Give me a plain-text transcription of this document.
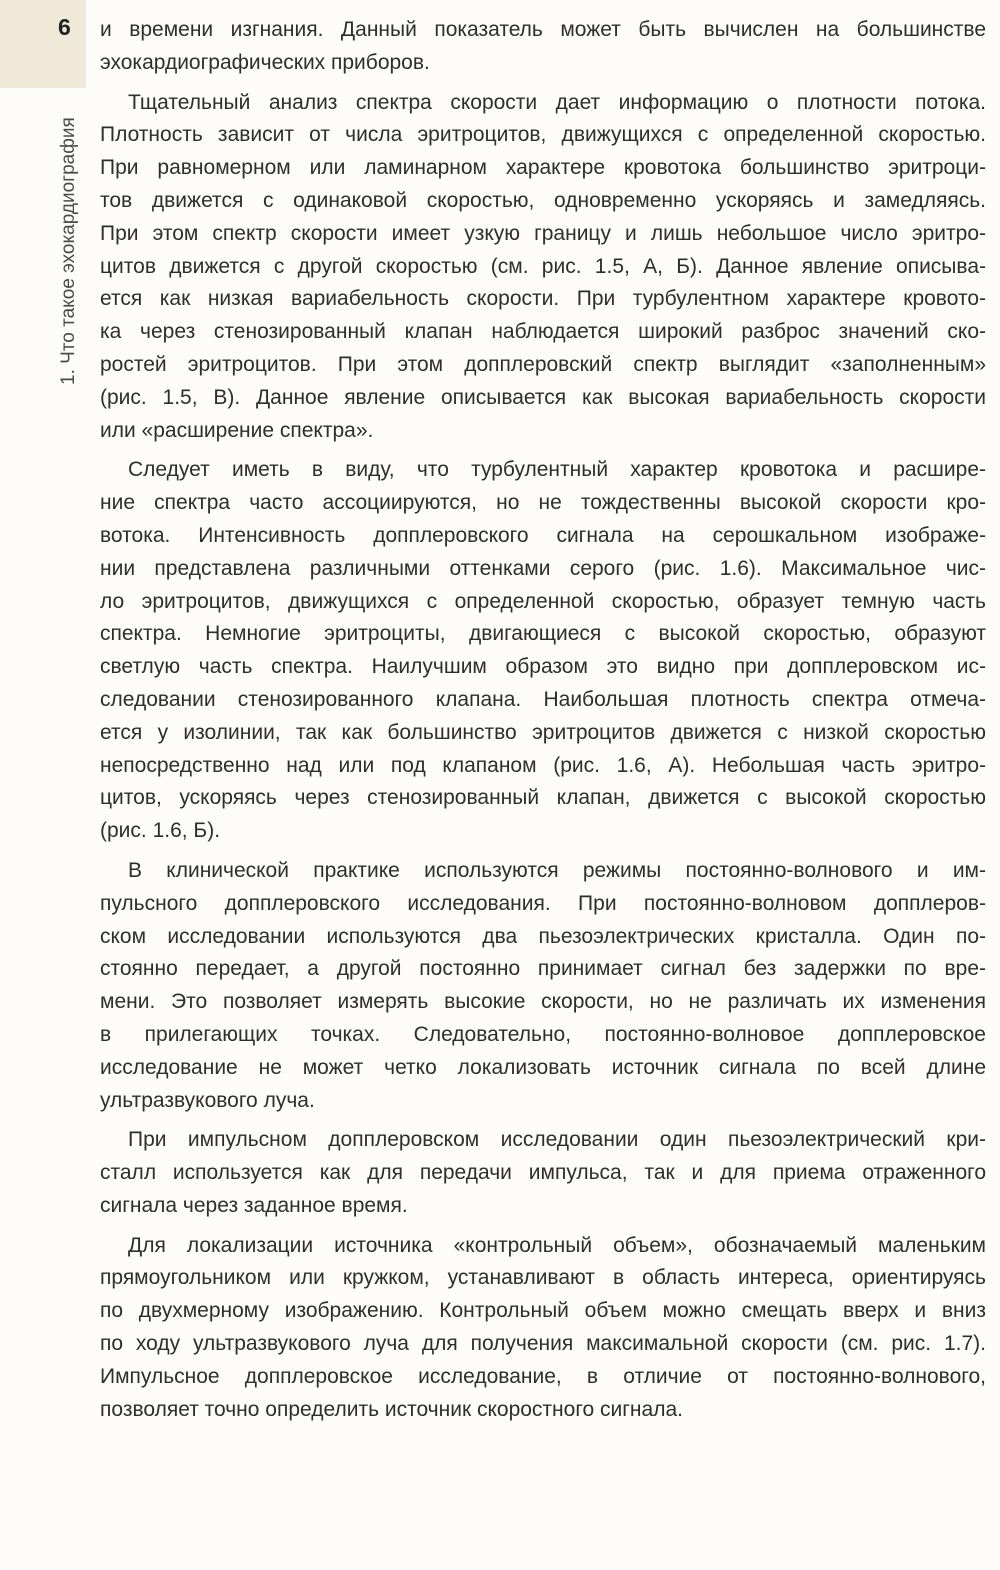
6
1. Что такое эхокардиография
и времени изгнания. Данный показатель может быть вычислен на большинстве
эхокардиографических приборов.
Тщательный анализ спектра скорости дает информацию о плотности потока.
Плотность зависит от числа эритроцитов, движущихся с определенной скоростью.
При равномерном или ламинарном характере кровотока большинство эритроци-
тов движется с одинаковой скоростью, одновременно ускоряясь и замедляясь.
При этом спектр скорости имеет узкую границу и лишь небольшое число эритро-
цитов движется с другой скоростью (см. рис. 1.5, А, Б). Данное явление описыва-
ется как низкая вариабельность скорости. При турбулентном характере кровото-
ка через стенозированный клапан наблюдается широкий разброс значений ско-
ростей эритроцитов. При этом допплеровский спектр выглядит «заполненным»
(рис. 1.5, В). Данное явление описывается как высокая вариабельность скорости
или «расширение спектра».
Следует иметь в виду, что турбулентный характер кровотока и расшире-
ние спектра часто ассоциируются, но не тождественны высокой скорости кро-
вотока. Интенсивность допплеровского сигнала на серошкальном изображе-
нии представлена различными оттенками серого (рис. 1.6). Максимальное чис-
ло эритроцитов, движущихся с определенной скоростью, образует темную часть
спектра. Немногие эритроциты, двигающиеся с высокой скоростью, образуют
светлую часть спектра. Наилучшим образом это видно при допплеровском ис-
следовании стенозированного клапана. Наибольшая плотность спектра отмеча-
ется у изолинии, так как большинство эритроцитов движется с низкой скоростью
непосредственно над или под клапаном (рис. 1.6, А). Небольшая часть эритро-
цитов, ускоряясь через стенозированный клапан, движется с высокой скоростью
(рис. 1.6, Б).
В клинической практике используются режимы постоянно-волнового и им-
пульсного допплеровского исследования. При постоянно-волновом допплеров-
ском исследовании используются два пьезоэлектрических кристалла. Один по-
стоянно передает, а другой постоянно принимает сигнал без задержки по вре-
мени. Это позволяет измерять высокие скорости, но не различать их изменения
в прилегающих точках. Следовательно, постоянно-волновое допплеровское
исследование не может четко локализовать источник сигнала по всей длине
ультразвукового луча.
При импульсном допплеровском исследовании один пьезоэлектрический кри-
сталл используется как для передачи импульса, так и для приема отраженного
сигнала через заданное время.
Для локализации источника «контрольный объем», обозначаемый маленьким
прямоугольником или кружком, устанавливают в область интереса, ориентируясь
по двухмерному изображению. Контрольный объем можно смещать вверх и вниз
по ходу ультразвукового луча для получения максимальной скорости (см. рис. 1.7).
Импульсное допплеровское исследование, в отличие от постоянно-волнового,
позволяет точно определить источник скоростного сигнала.
